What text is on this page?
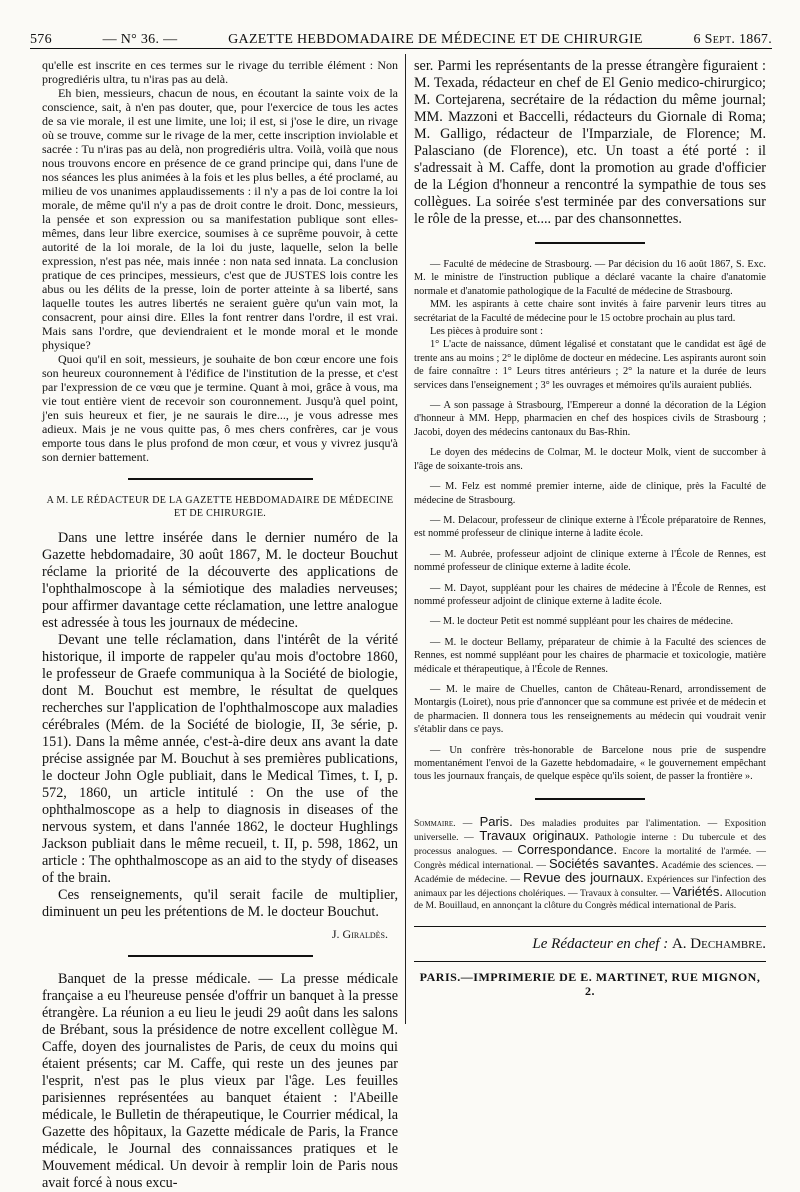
576	— N° 36. —	GAZETTE HEBDOMADAIRE DE MÉDECINE ET DE CHIRURGIE	6 Sept. 1867.

qu'elle est inscrite en ces termes sur le rivage du terrible élément : Non progrediéris ultra, tu n'iras pas au delà.

Eh bien, messieurs, chacun de nous, en écoutant la sainte voix de la conscience, sait, à n'en pas douter, que, pour l'exercice de tous les actes de sa vie morale, il est une limite, une loi; il est, si j'ose le dire, un rivage où se trouve, comme sur le rivage de la mer, cette inscription inviolable et sacrée : Tu n'iras pas au delà, non progrediéris ultra. Voilà, voilà que nous nous trouvons encore en présence de ce grand principe qui, dans l'une de nos séances les plus animées à la fois et les plus belles, a été proclamé, au milieu de vos unanimes applaudissements : il n'y a pas de loi contre la loi morale, de même qu'il n'y a pas de droit contre le droit. Donc, messieurs, la pensée et son expression ou sa manifestation publique sont elles-mêmes, dans leur libre exercice, soumises à ce suprême pouvoir, à cette autorité de la loi morale, de la loi du juste, laquelle, selon la belle expression, n'est pas née, mais innée : non nata sed innata. La conclusion pratique de ces principes, messieurs, c'est que de JUSTES lois contre les abus ou les délits de la presse, loin de porter atteinte à sa liberté, sans laquelle toutes les autres libertés ne seraient guère qu'un vain mot, la consacrent, pour ainsi dire. Elles la font rentrer dans l'ordre, il est vrai. Mais sans l'ordre, que deviendraient et le monde moral et le monde physique?

Quoi qu'il en soit, messieurs, je souhaite de bon cœur encore une fois son heureux couronnement à l'édifice de l'institution de la presse, et c'est par l'expression de ce vœu que je termine. Quant à moi, grâce à vous, ma vie tout entière vient de recevoir son couronnement. Jusqu'à quel point, j'en suis heureux et fier, je ne saurais le dire..., je vous adresse mes adieux. Mais je ne vous quitte pas, ô mes chers confrères, car je vous emporte tous dans le plus profond de mon cœur, et vous y vivrez jusqu'à son dernier battement.

A M. LE RÉDACTEUR DE LA GAZETTE HEBDOMADAIRE DE MÉDECINE ET DE CHIRURGIE.

Dans une lettre insérée dans le dernier numéro de la Gazette hebdomadaire, 30 août 1867, M. le docteur Bouchut réclame la priorité de la découverte des applications de l'ophthalmoscope à la sémiotique des maladies nerveuses; pour affirmer davantage cette réclamation, une lettre analogue est adressée à tous les journaux de médecine.

Devant une telle réclamation, dans l'intérêt de la vérité historique, il importe de rappeler qu'au mois d'octobre 1860, le professeur de Graefe communiqua à la Société de biologie, dont M. Bouchut est membre, le résultat de quelques recherches sur l'application de l'ophthalmoscope aux maladies cérébrales (Mém. de la Société de biologie, II, 3e série, p. 151). Dans la même année, c'est-à-dire deux ans avant la date précise assignée par M. Bouchut à ses premières publications, le docteur John Ogle publiait, dans le Medical Times, t. I, p. 572, 1860, un article intitulé : On the use of the ophthalmoscope as a help to diagnosis in diseases of the nervous system, et dans l'année 1862, le docteur Hughlings Jackson publiait dans le même recueil, t. II, p. 598, 1862, un article : The ophthalmoscope as an aid to the stydy of diseases of the brain.

Ces renseignements, qu'il serait facile de multiplier, diminuent un peu les prétentions de M. le docteur Bouchut.

J. Giraldès.

Banquet de la presse médicale. — La presse médicale française a eu l'heureuse pensée d'offrir un banquet à la presse étrangère. La réunion a eu lieu le jeudi 29 août dans les salons de Brébant, sous la présidence de notre excellent collègue M. Caffe, doyen des journalistes de Paris, de ceux du moins qui étaient présents; car M. Caffe, qui reste un des jeunes par l'esprit, n'est pas le plus vieux par l'âge. Les feuilles parisiennes représentées au banquet étaient : l'Abeille médicale, le Bulletin de thérapeutique, le Courrier médical, la Gazette des hôpitaux, la Gazette médicale de Paris, la France médicale, le Journal des connaissances pratiques et le Mouvement médical. Un devoir à remplir loin de Paris nous avait forcé à nous excu-

ser. Parmi les représentants de la presse étrangère figuraient : M. Texada, rédacteur en chef de El Genio medico-chirurgico; M. Cortejarena, secrétaire de la rédaction du même journal; MM. Mazzoni et Baccelli, rédacteurs du Giornale di Roma; M. Galligo, rédacteur de l'Imparziale, de Florence; M. Palasciano (de Florence), etc. Un toast a été porté : il s'adressait à M. Caffe, dont la promotion au grade d'officier de la Légion d'honneur a rencontré la sympathie de tous ses collègues. La soirée s'est terminée par des conversations sur le rôle de la presse, et.... par des chansonnettes.

— Faculté de médecine de Strasbourg. — Par décision du 16 août 1867, S. Exc. M. le ministre de l'instruction publique a déclaré vacante la chaire d'anatomie normale et d'anatomie pathologique de la Faculté de médecine de Strasbourg.

MM. les aspirants à cette chaire sont invités à faire parvenir leurs titres au secrétariat de la Faculté de médecine pour le 15 octobre prochain au plus tard.

Les pièces à produire sont :

1° L'acte de naissance, dûment légalisé et constatant que le candidat est âgé de trente ans au moins ; 2° le diplôme de docteur en médecine. Les aspirants auront soin de faire connaître : 1° Leurs titres antérieurs ; 2° la nature et la durée de leurs services dans l'enseignement ; 3° les ouvrages et mémoires qu'ils auraient publiés.

— A son passage à Strasbourg, l'Empereur a donné la décoration de la Légion d'honneur à MM. Hepp, pharmacien en chef des hospices civils de Strasbourg ; Jacobi, doyen des médecins cantonaux du Bas-Rhin.

Le doyen des médecins de Colmar, M. le docteur Molk, vient de succomber à l'âge de soixante-trois ans.

— M. Felz est nommé premier interne, aide de clinique, près la Faculté de médecine de Strasbourg.

— M. Delacour, professeur de clinique externe à l'École préparatoire de Rennes, est nommé professeur de clinique interne à ladite école.

— M. Aubrée, professeur adjoint de clinique externe à l'École de Rennes, est nommé professeur de clinique externe à ladite école.

— M. Dayot, suppléant pour les chaires de médecine à l'École de Rennes, est nommé professeur adjoint de clinique externe à ladite école.

— M. le docteur Petit est nommé suppléant pour les chaires de médecine.

— M. le docteur Bellamy, préparateur de chimie à la Faculté des sciences de Rennes, est nommé suppléant pour les chaires de pharmacie et toxicologie, matière médicale et thérapeutique, à l'École de Rennes.

— M. le maire de Chuelles, canton de Château-Renard, arrondissement de Montargis (Loiret), nous prie d'annoncer que sa commune est privée et de médecin et de pharmacien. Il donnera tous les renseignements au médecin qui voudrait venir s'établir dans ce pays.

— Un confrère très-honorable de Barcelone nous prie de suspendre momentanément l'envoi de la Gazette hebdomadaire, « le gouvernement empêchant tous les journaux français, de quelque espèce qu'ils soient, de passer la frontière ».

Sommaire. — Paris. Des maladies produites par l'alimentation. — Exposition universelle. — Travaux originaux. Pathologie interne : Du tubercule et des processus analogues. — Correspondance. Encore la mortalité de l'armée. — Congrès médical international. — Sociétés savantes. Académie des sciences. — Académie de médecine. — Revue des journaux. Expériences sur l'infection des animaux par les déjections cholériques. — Travaux à consulter. — Variétés. Allocution de M. Bouillaud, en annonçant la clôture du Congrès médical international de Paris.
Le Rédacteur en chef : A. Dechambre.
PARIS.—IMPRIMERIE DE E. MARTINET, RUE MIGNON, 2.
